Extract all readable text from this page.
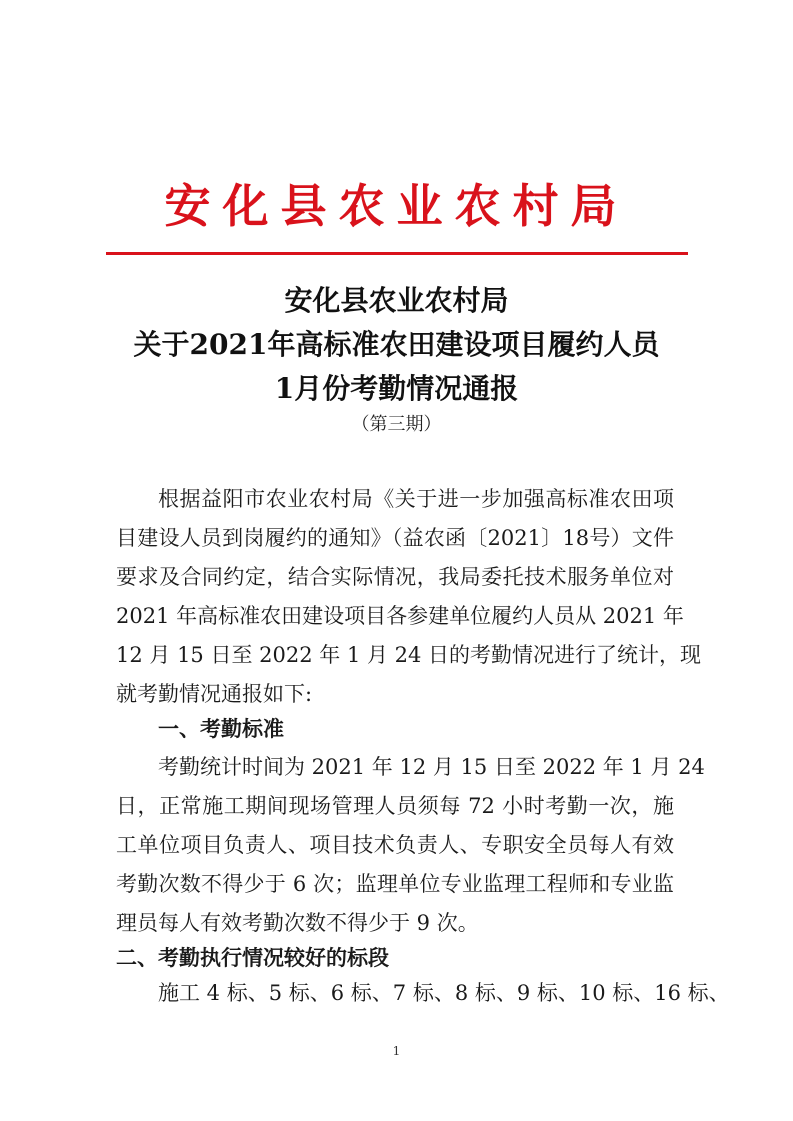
安化县农业农村局
安化县农业农村局
关于2021年高标准农田建设项目履约人员
1月份考勤情况通报
（第三期）
根据益阳市农业农村局《关于进一步加强高标准农田项
目建设人员到岗履约的通知》（益农函〔2021〕18号）文件
要求及合同约定，结合实际情况，我局委托技术服务单位对
2021 年高标准农田建设项目各参建单位履约人员从 2021 年
12 月 15 日至 2022 年 1 月 24 日的考勤情况进行了统计，现
就考勤情况通报如下:
一、考勤标准
考勤统计时间为 2021 年 12 月 15 日至 2022 年 1 月 24
日，正常施工期间现场管理人员须每 72 小时考勤一次，施
工单位项目负责人、项目技术负责人、专职安全员每人有效
考勤次数不得少于 6 次；监理单位专业监理工程师和专业监
理员每人有效考勤次数不得少于 9 次。
二、考勤执行情况较好的标段
施工 4 标、5 标、6 标、7 标、8 标、9 标、10 标、16 标、
1
